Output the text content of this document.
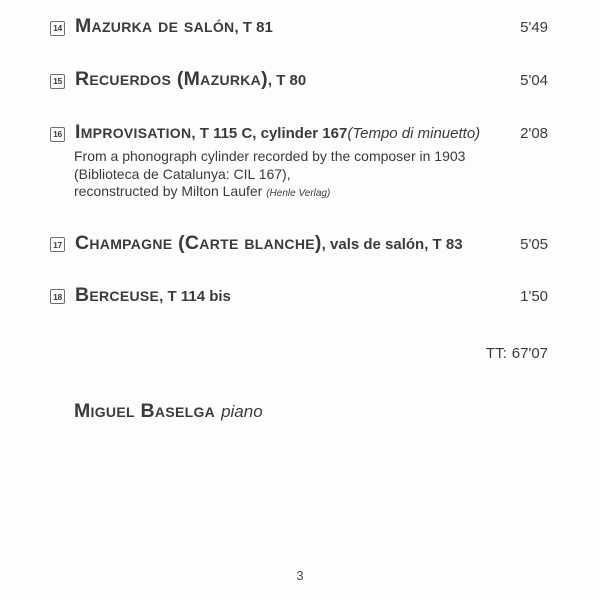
14 Mazurka de salón , T 81	5'49
15 Recuerdos (Mazurka) , T 80	5'04
16 Improvisation , T 115 C, cylinder 167 (Tempo di minuetto)	2'08
From a phonograph cylinder recorded by the composer in 1903
(Biblioteca de Catalunya: CIL 167),
reconstructed by Milton Laufer (Henle Verlag)
17 Champagne (Carte blanche) , vals de salón, T 83	5'05
18 Berceuse , T 114 bis	1'50
TT: 67'07
Miguel Baselga piano
3
